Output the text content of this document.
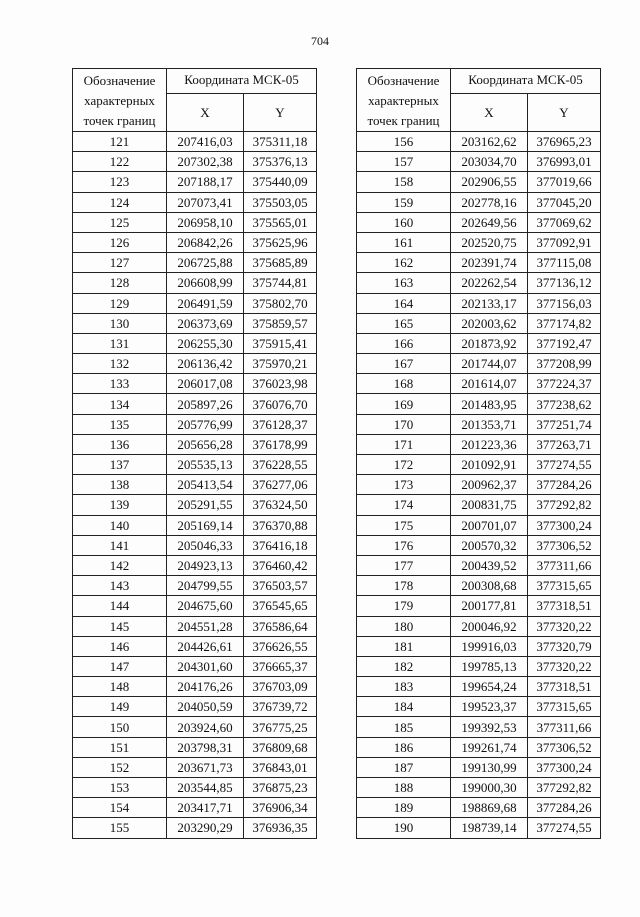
704
Обозначение
характерных
точек границ	Координата МСК-05	
	X	Y
121	207416,03	375311,18
122	207302,38	375376,13
123	207188,17	375440,09
124	207073,41	375503,05
125	206958,10	375565,01
126	206842,26	375625,96
127	206725,88	375685,89
128	206608,99	375744,81
129	206491,59	375802,70
130	206373,69	375859,57
131	206255,30	375915,41
132	206136,42	375970,21
133	206017,08	376023,98
134	205897,26	376076,70
135	205776,99	376128,37
136	205656,28	376178,99
137	205535,13	376228,55
138	205413,54	376277,06
139	205291,55	376324,50
140	205169,14	376370,88
141	205046,33	376416,18
142	204923,13	376460,42
143	204799,55	376503,57
144	204675,60	376545,65
145	204551,28	376586,64
146	204426,61	376626,55
147	204301,60	376665,37
148	204176,26	376703,09
149	204050,59	376739,72
150	203924,60	376775,25
151	203798,31	376809,68
152	203671,73	376843,01
153	203544,85	376875,23
154	203417,71	376906,34
155	203290,29	376936,35
Обозначение
характерных
точек границ	Координата МСК-05	
	X	Y
156	203162,62	376965,23
157	203034,70	376993,01
158	202906,55	377019,66
159	202778,16	377045,20
160	202649,56	377069,62
161	202520,75	377092,91
162	202391,74	377115,08
163	202262,54	377136,12
164	202133,17	377156,03
165	202003,62	377174,82
166	201873,92	377192,47
167	201744,07	377208,99
168	201614,07	377224,37
169	201483,95	377238,62
170	201353,71	377251,74
171	201223,36	377263,71
172	201092,91	377274,55
173	200962,37	377284,26
174	200831,75	377292,82
175	200701,07	377300,24
176	200570,32	377306,52
177	200439,52	377311,66
178	200308,68	377315,65
179	200177,81	377318,51
180	200046,92	377320,22
181	199916,03	377320,79
182	199785,13	377320,22
183	199654,24	377318,51
184	199523,37	377315,65
185	199392,53	377311,66
186	199261,74	377306,52
187	199130,99	377300,24
188	199000,30	377292,82
189	198869,68	377284,26
190	198739,14	377274,55
